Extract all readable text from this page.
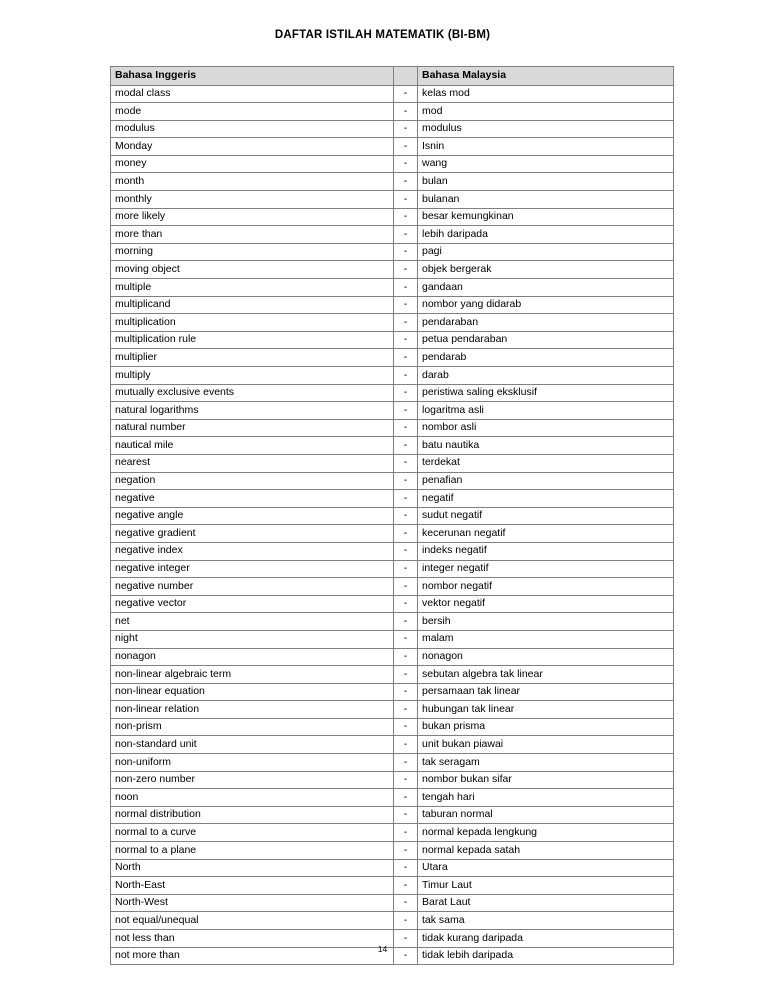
DAFTAR ISTILAH MATEMATIK (BI-BM)
Bahasa Inggeris		Bahasa Malaysia
modal class	-	kelas mod
mode	-	mod
modulus	-	modulus
Monday	-	Isnin
money	-	wang
month	-	bulan
monthly	-	bulanan
more likely	-	besar kemungkinan
more than	-	lebih daripada
morning	-	pagi
moving object	-	objek bergerak
multiple	-	gandaan
multiplicand	-	nombor yang didarab
multiplication	-	pendaraban
multiplication rule	-	petua pendaraban
multiplier	-	pendarab
multiply	-	darab
mutually exclusive events	-	peristiwa saling eksklusif
natural logarithms	-	logaritma asli
natural number	-	nombor asli
nautical mile	-	batu nautika
nearest	-	terdekat
negation	-	penafian
negative	-	negatif
negative angle	-	sudut negatif
negative gradient	-	kecerunan negatif
negative index	-	indeks negatif
negative integer	-	integer negatif
negative number	-	nombor negatif
negative vector	-	vektor negatif
net	-	bersih
night	-	malam
nonagon	-	nonagon
non-linear algebraic term	-	sebutan algebra tak linear
non-linear equation	-	persamaan tak linear
non-linear relation	-	hubungan tak linear
non-prism	-	bukan prisma
non-standard unit	-	unit bukan piawai
non-uniform	-	tak seragam
non-zero number	-	nombor bukan sifar
noon	-	tengah hari
normal distribution	-	taburan normal
normal to a curve	-	normal kepada lengkung
normal to a plane	-	normal kepada satah
North	-	Utara
North-East	-	Timur Laut
North-West	-	Barat Laut
not equal/unequal	-	tak sama
not less than	-	tidak kurang daripada
not more than	-	tidak lebih daripada
14
